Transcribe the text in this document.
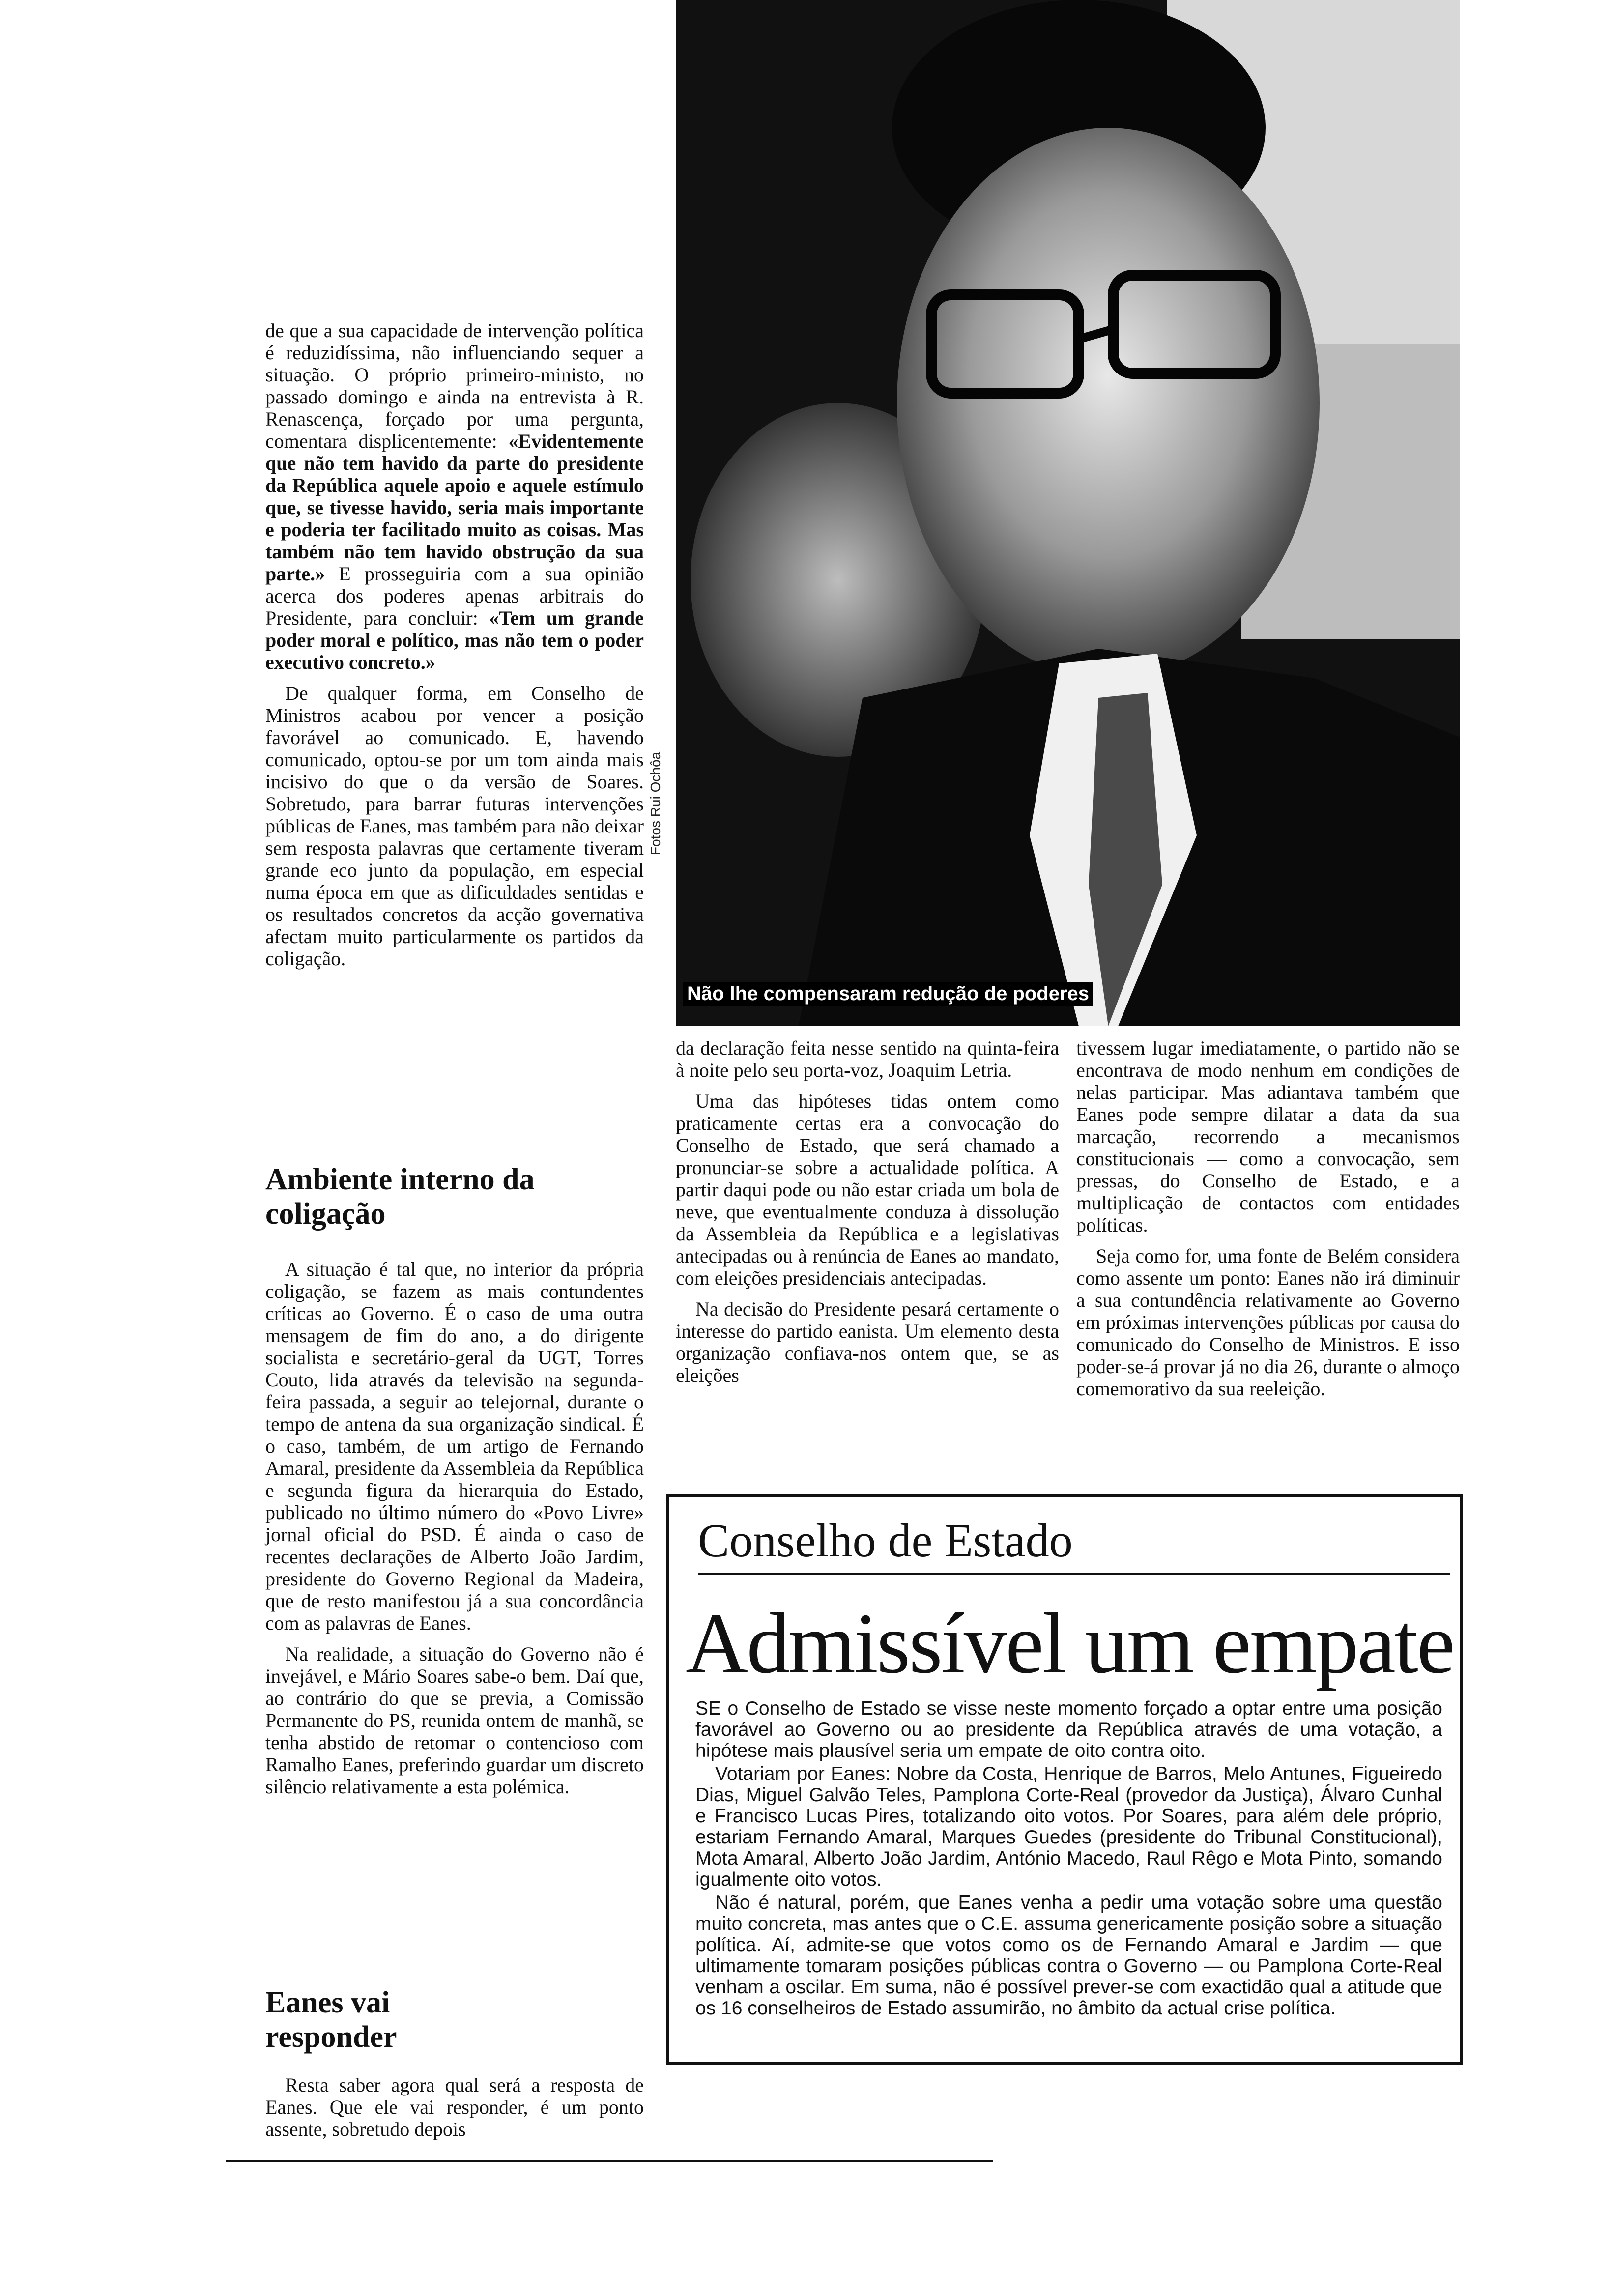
Não lhe compensaram redução de poderes
Fotos Rui Ochôa

de que a sua capacidade de intervenção política é reduzidíssima, não influenciando sequer a situação. O próprio primeiro-ministo, no passado domingo e ainda na entrevista à R. Renascença, forçado por uma pergunta, comentara displicentemente: «Evidentemente que não tem havido da parte do presidente da República aquele apoio e aquele estímulo que, se tivesse havido, seria mais importante e poderia ter facilitado muito as coisas. Mas também não tem havido obstrução da sua parte.» E prosseguiria com a sua opinião acerca dos poderes apenas arbitrais do Presidente, para concluir: «Tem um grande poder moral e político, mas não tem o poder executivo concreto.»

De qualquer forma, em Conselho de Ministros acabou por vencer a posição favorável ao comunicado. E, havendo comunicado, optou-se por um tom ainda mais incisivo do que o da versão de Soares. Sobretudo, para barrar futuras intervenções públicas de Eanes, mas também para não deixar sem resposta palavras que certamente tiveram grande eco junto da população, em especial numa época em que as dificuldades sentidas e os resultados concretos da acção governativa afectam muito particularmente os partidos da coligação.

Ambiente interno da coligação

A situação é tal que, no interior da própria coligação, se fazem as mais contundentes críticas ao Governo. É o caso de uma outra mensagem de fim do ano, a do dirigente socialista e secretário-geral da UGT, Torres Couto, lida através da televisão na segunda-feira passada, a seguir ao telejornal, durante o tempo de antena da sua organização sindical. É o caso, também, de um artigo de Fernando Amaral, presidente da Assembleia da República e segunda figura da hierarquia do Estado, publicado no último número do «Povo Livre» jornal oficial do PSD. É ainda o caso de recentes declarações de Alberto João Jardim, presidente do Governo Regional da Madeira, que de resto manifestou já a sua concordância com as palavras de Eanes.

Na realidade, a situação do Governo não é invejável, e Mário Soares sabe-o bem. Daí que, ao contrário do que se previa, a Comissão Permanente do PS, reunida ontem de manhã, se tenha abstido de retomar o contencioso com Ramalho Eanes, preferindo guardar um discreto silêncio relativamente a esta polémica.

Eanes vai responder

Resta saber agora qual será a resposta de Eanes. Que ele vai responder, é um ponto assente, sobretudo depois

da declaração feita nesse sentido na quinta-feira à noite pelo seu porta-voz, Joaquim Letria.

Uma das hipóteses tidas ontem como praticamente certas era a convocação do Conselho de Estado, que será chamado a pronunciar-se sobre a actualidade política. A partir daqui pode ou não estar criada um bola de neve, que eventualmente conduza à dissolução da Assembleia da República e a legislativas antecipadas ou à renúncia de Eanes ao mandato, com eleições presidenciais antecipadas.

Na decisão do Presidente pesará certamente o interesse do partido eanista. Um elemento desta organização confiava-nos ontem que, se as eleições

tivessem lugar imediatamente, o partido não se encontrava de modo nenhum em condições de nelas participar. Mas adiantava também que Eanes pode sempre dilatar a data da sua marcação, recorrendo a mecanismos constitucionais — como a convocação, sem pressas, do Conselho de Estado, e a multiplicação de contactos com entidades políticas.

Seja como for, uma fonte de Belém considera como assente um ponto: Eanes não irá diminuir a sua contundência relativamente ao Governo em próximas intervenções públicas por causa do comunicado do Conselho de Ministros. E isso poder-se-á provar já no dia 26, durante o almoço comemorativo da sua reeleição.

Conselho de Estado
Admissível um empate

SE o Conselho de Estado se visse neste momento forçado a optar entre uma posição favorável ao Governo ou ao presidente da República através de uma votação, a hipótese mais plausível seria um empate de oito contra oito.

Votariam por Eanes: Nobre da Costa, Henrique de Barros, Melo Antunes, Figueiredo Dias, Miguel Galvão Teles, Pamplona Corte-Real (provedor da Justiça), Álvaro Cunhal e Francisco Lucas Pires, totalizando oito votos. Por Soares, para além dele próprio, estariam Fernando Amaral, Marques Guedes (presidente do Tribunal Constitucional), Mota Amaral, Alberto João Jardim, António Macedo, Raul Rêgo e Mota Pinto, somando igualmente oito votos.

Não é natural, porém, que Eanes venha a pedir uma votação sobre uma questão muito concreta, mas antes que o C.E. assuma genericamente posição sobre a situação política. Aí, admite-se que votos como os de Fernando Amaral e Jardim — que ultimamente tomaram posições públicas contra o Governo — ou Pamplona Corte-Real venham a oscilar. Em suma, não é possível prever-se com exactidão qual a atitude que os 16 conselheiros de Estado assumirão, no âmbito da actual crise política.
